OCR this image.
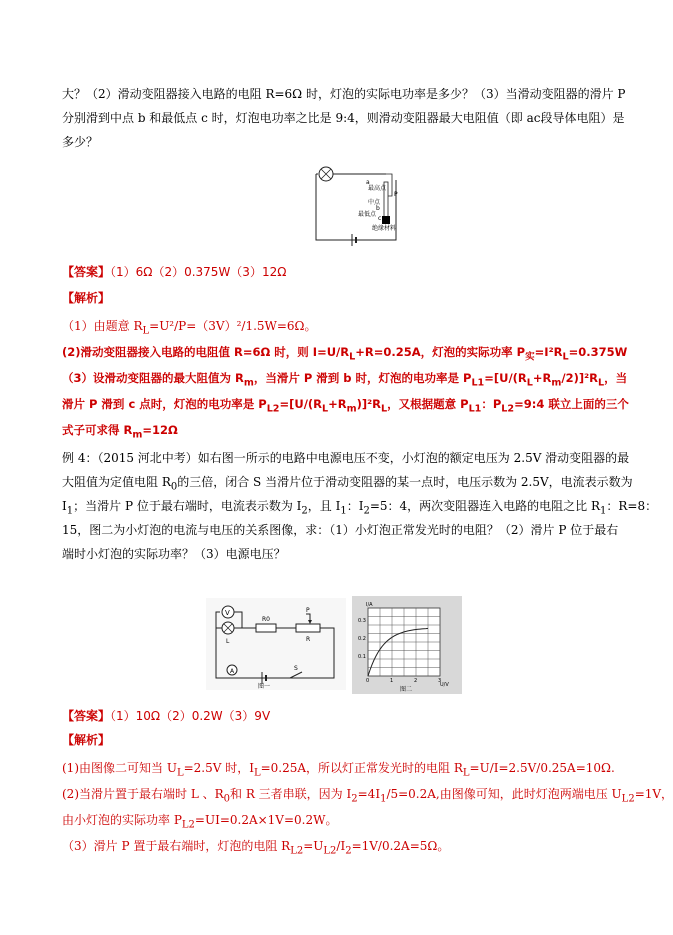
大？（2）滑动变阻器接入电路的电阻 R=6Ω 时，灯泡的实际电功率是多少？（3）当滑动变阻器的滑片 P
分别滑到中点 b 和最低点 c 时，灯泡电功率之比是 9:4，则滑动变阻器最大电阻值（即 ac段导体电阻）是
多少？
a
最高点
中点
b
最低点
c
P
绝缘材料
【答案】（1）6Ω（2）0.375W（3）12Ω
【解析】
（1）由题意 $R_L=U^2/P=(3V)^2/1.5W=6\Omega$。
(2)滑动变阻器接入电路的电阻值 R=6Ω 时，则 $I=U/R_L+R=0.25A$，灯泡的实际功率 $P_实=I^2R_L=0.375W$
（3）设滑动变阻器的最大阻值为 $R_m$，当滑片 P 滑到 b 时，灯泡的电功率是 $P_{L1}=[U/(R_L+R_m/2)]^2R_L$，当
滑片 P 滑到 c 点时，灯泡的电功率是 $P_{L2}=[U/(R_L+R_m)]^2R_L$，又根据题意 $P_{L1}$：$P_{L2}=9:4$ 联立上面的三个
式子可求得 $R_m=12\Omega$
例 4：（2015 河北中考）如右图一所示的电路中电源电压不变，小灯泡的额定电压为 2.5V 滑动变阻器的最
大阻值为定值电阻 $R_0$的三倍，闭合 S 当滑片位于滑动变阻器的某一点时，电压示数为 2.5V，电流表示数为
$I_1$；当滑片 P 位于最右端时，电流表示数为 $I_2$，且 $I_1$：$I_2=5$：4，两次变阻器连入电路的电阻之比 $R_1$：R=8：
15，图二为小灯泡的电流与电压的关系图像，求：（1）小灯泡正常发光时的电阻？（2）滑片 P 位于最右
端时小灯泡的实际功率？（3）电源电压？
V
L
R0
P
R
A	S
图一
I/A
U/V
0.3
0.2
0.1
0	1	2	3
图二
【答案】（1）10Ω（2）0.2W（3）9V
【解析】
(1)由图像二可知当 $U_L=2.5V$ 时，$I_L=0.25A$，所以灯正常发光时的电阻 $R_L=U/I=2.5V/0.25A=10\Omega$.
(2)当滑片置于最右端时 L 、$R_0$和 R 三者串联，因为 $I_2=4I_1/5=0.2A$,由图像可知，此时灯泡两端电压 $U_{L2}=1V$，
由小灯泡的实际功率 $P_{L2}=UI=0.2A\times 1V=0.2W$。
（3）滑片 P 置于最右端时，灯泡的电阻 $R_{L2}=U_{L2}/I_2=1V/0.2A=5\Omega$。
